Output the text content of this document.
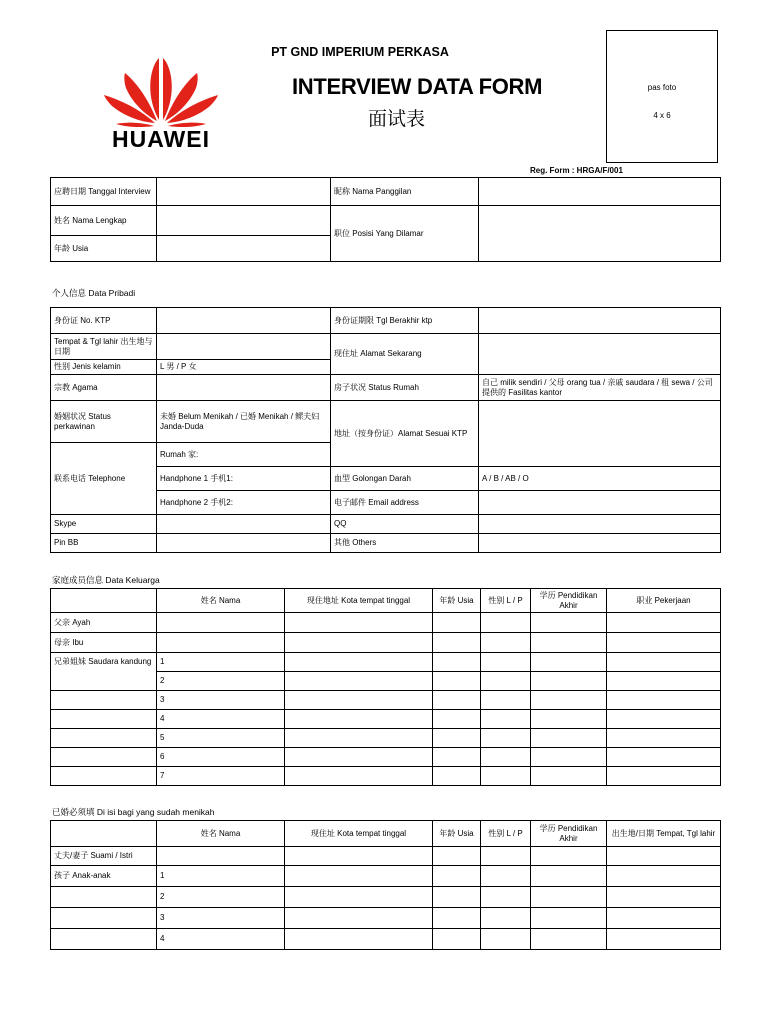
HUAWEI
PT GND IMPERIUM PERKASA
INTERVIEW DATA FORM
面试表
pas foto
4 x 6
Reg. Form : HRGA/F/001
应聘日期 Tanggal Interview		昵称 Nama Panggilan	
姓名 Nama Lengkap		职位 Posisi Yang Dilamar	
年龄 Usia			
个人信息 Data Pribadi
身份证 No. KTP		身份证期限 Tgl Berakhir ktp	
Tempat & Tgl lahir 出生地与日期		现住址 Alamat Sekarang	
性别 Jenis kelamin	L 男 / P 女		
宗教 Agama		房子状况 Status Rumah	自己 milik sendiri / 父母 orang tua / 亲戚 saudara / 租 sewa / 公司提供的 Fasilitas kantor
婚姻状况 Status perkawinan	未婚 Belum Menikah / 已婚 Menikah / 鳏夫妇 Janda-Duda	地址（按身份证）Alamat Sesuai KTP	
联系电话 Telephone	Rumah 家:		
	Handphone 1 手机1:	血型 Golongan Darah	A / B / AB / O
	Handphone 2 手机2:	电子邮件 Email address	
Skype		QQ	
Pin BB		其他 Others	
家庭成员信息 Data Keluarga
	姓名 Nama	现住地址 Kota tempat tinggal	年龄 Usia	性别 L / P	学历 Pendidikan Akhir	职业 Pekerjaan
父亲 Ayah						
母亲 Ibu						
兄弟姐妹 Saudara kandung	1					
	2					
	3					
	4					
	5					
	6					
	7					
已婚必须填 Di isi bagi yang sudah menikah
	姓名 Nama	现住址 Kota tempat tinggal	年龄 Usia	性别 L / P	学历 Pendidikan Akhir	出生地/日期 Tempat, Tgl lahir
丈夫/妻子 Suami / Istri						
孩子 Anak-anak	1					
	2					
	3					
	4					
